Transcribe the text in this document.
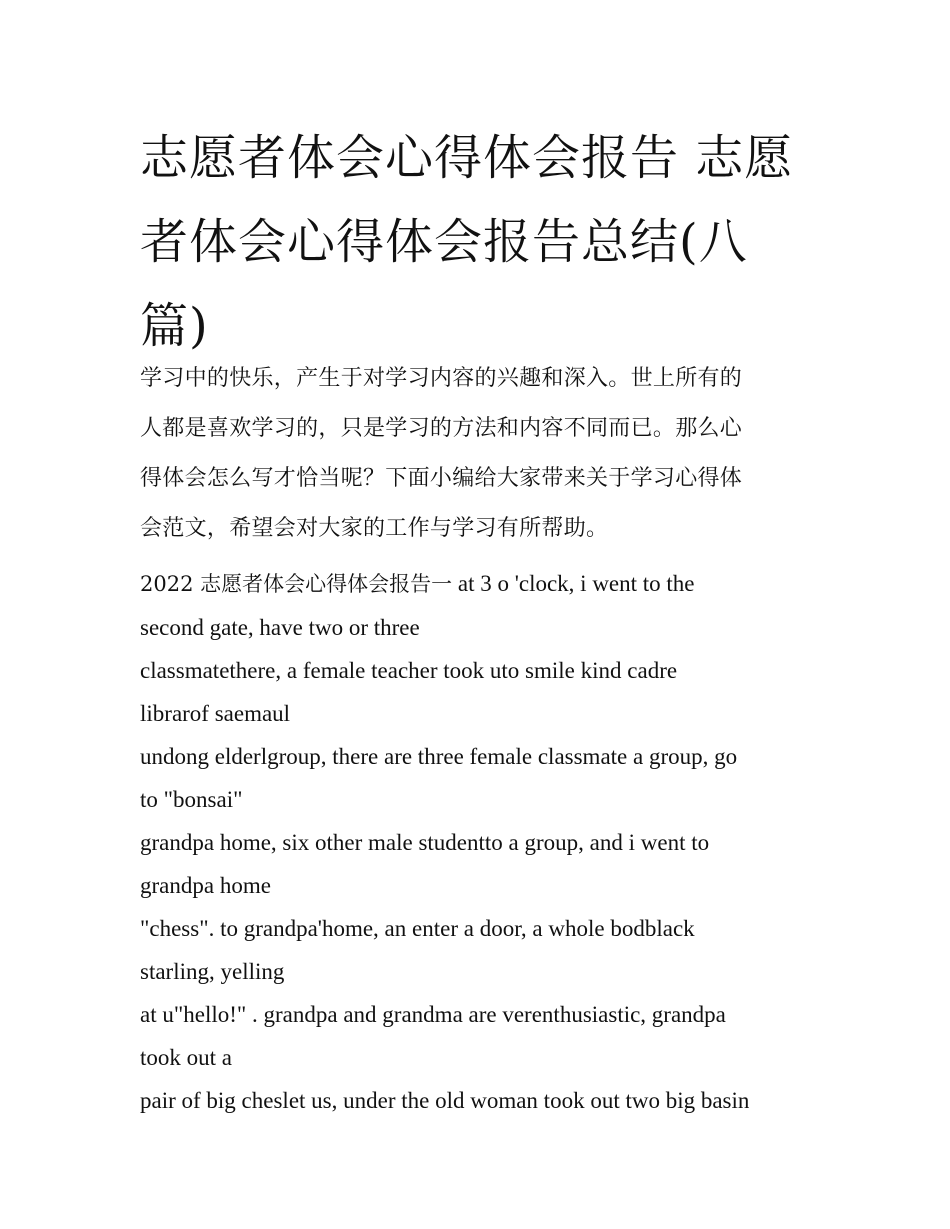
志愿者体会心得体会报告 志愿
者体会心得体会报告总结(八
篇)

学习中的快乐，产生于对学习内容的兴趣和深入。世上所有的
人都是喜欢学习的，只是学习的方法和内容不同而已。那么心
得体会怎么写才恰当呢？下面小编给大家带来关于学习心得体
会范文，希望会对大家的工作与学习有所帮助。

2022 志愿者体会心得体会报告一 at 3 o 'clock, i went to the
second gate, have two or three
classmatethere, a female teacher took uto smile kind cadre
librarof saemaul
undong elderlgroup, there are three female classmate a group, go
to "bonsai"
grandpa home, six other male studentto a group, and i went to
grandpa home
"chess". to grandpa'home, an enter a door, a whole bodblack
starling, yelling
at u"hello!" . grandpa and grandma are verenthusiastic, grandpa
took out a
pair of big cheslet us, under the old woman took out two big basin
